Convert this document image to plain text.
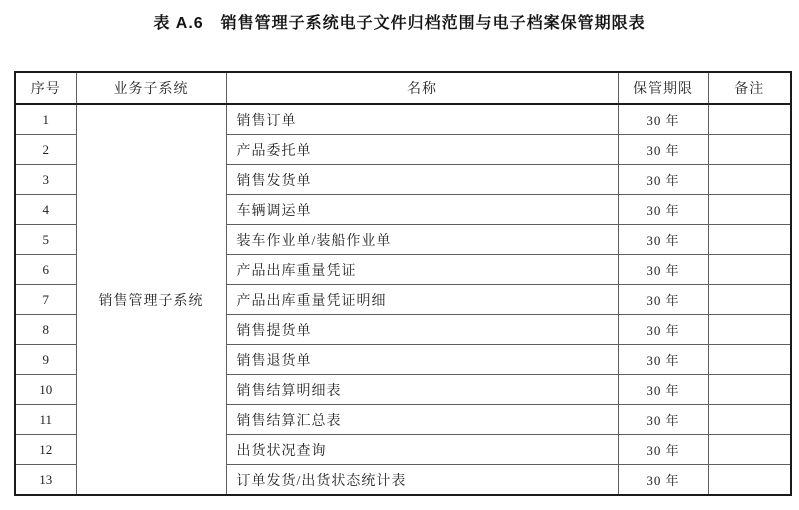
表 A.6　销售管理子系统电子文件归档范围与电子档案保管期限表
序号	业务子系统	名称	保管期限	备注
1	销售管理子系统	销售订单	30 年	
2		产品委托单	30 年	
3		销售发货单	30 年	
4		车辆调运单	30 年	
5		装车作业单/装船作业单	30 年	
6		产品出库重量凭证	30 年	
7		产品出库重量凭证明细	30 年	
8		销售提货单	30 年	
9		销售退货单	30 年	
10		销售结算明细表	30 年	
11		销售结算汇总表	30 年	
12		出货状况查询	30 年	
13		订单发货/出货状态统计表	30 年	
